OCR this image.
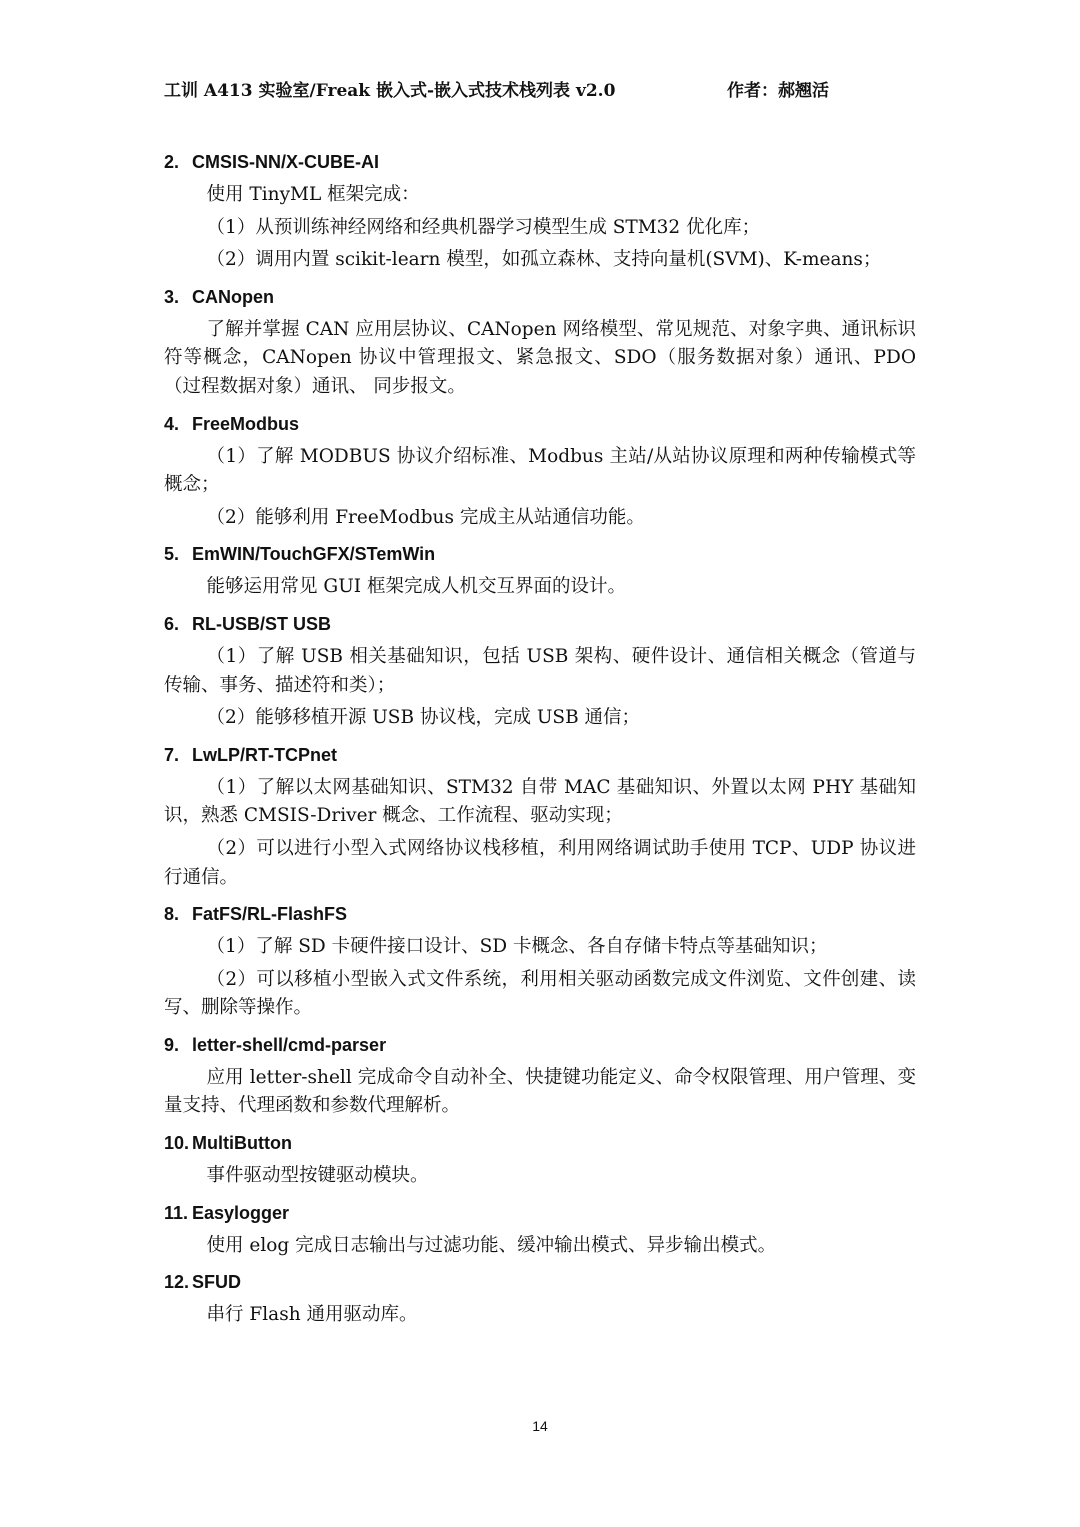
工训 A413 实验室/Freak 嵌入式-嵌入式技术栈列表 v2.0	作者：郝翘活
2. CMSIS-NN/X-CUBE-AI

使用 TinyML 框架完成：

（1）从预训练神经网络和经典机器学习模型生成 STM32 优化库；

（2）调用内置 scikit-learn 模型，如孤立森林、支持向量机(SVM)、K-means；

3. CANopen

了解并掌握 CAN 应用层协议、CANopen 网络模型、常见规范、对象字典、通讯标识符等概念，CANopen 协议中管理报文、紧急报文、SDO（服务数据对象）通讯、PDO（过程数据对象）通讯、 同步报文。

4. FreeModbus

（1）了解 MODBUS 协议介绍标准、Modbus 主站/从站协议原理和两种传输模式等概念；

（2）能够利用 FreeModbus 完成主从站通信功能。

5. EmWIN/TouchGFX/STemWin

能够运用常见 GUI 框架完成人机交互界面的设计。

6. RL-USB/ST USB

（1）了解 USB 相关基础知识，包括 USB 架构、硬件设计、通信相关概念（管道与传输、事务、描述符和类）；

（2）能够移植开源 USB 协议栈，完成 USB 通信；

7. LwLP/RT-TCPnet

（1）了解以太网基础知识、STM32 自带 MAC 基础知识、外置以太网 PHY 基础知识，熟悉 CMSIS-Driver 概念、工作流程、驱动实现；

（2）可以进行小型入式网络协议栈移植，利用网络调试助手使用 TCP、UDP 协议进行通信。

8. FatFS/RL-FlashFS

（1）了解 SD 卡硬件接口设计、SD 卡概念、各自存储卡特点等基础知识；

（2）可以移植小型嵌入式文件系统，利用相关驱动函数完成文件浏览、文件创建、读写、删除等操作。

9. letter-shell/cmd-parser

应用 letter-shell 完成命令自动补全、快捷键功能定义、命令权限管理、用户管理、变量支持、代理函数和参数代理解析。

10. MultiButton

事件驱动型按键驱动模块。

11. Easylogger

使用 elog 完成日志输出与过滤功能、缓冲输出模式、异步输出模式。

12. SFUD

串行 Flash 通用驱动库。

14
